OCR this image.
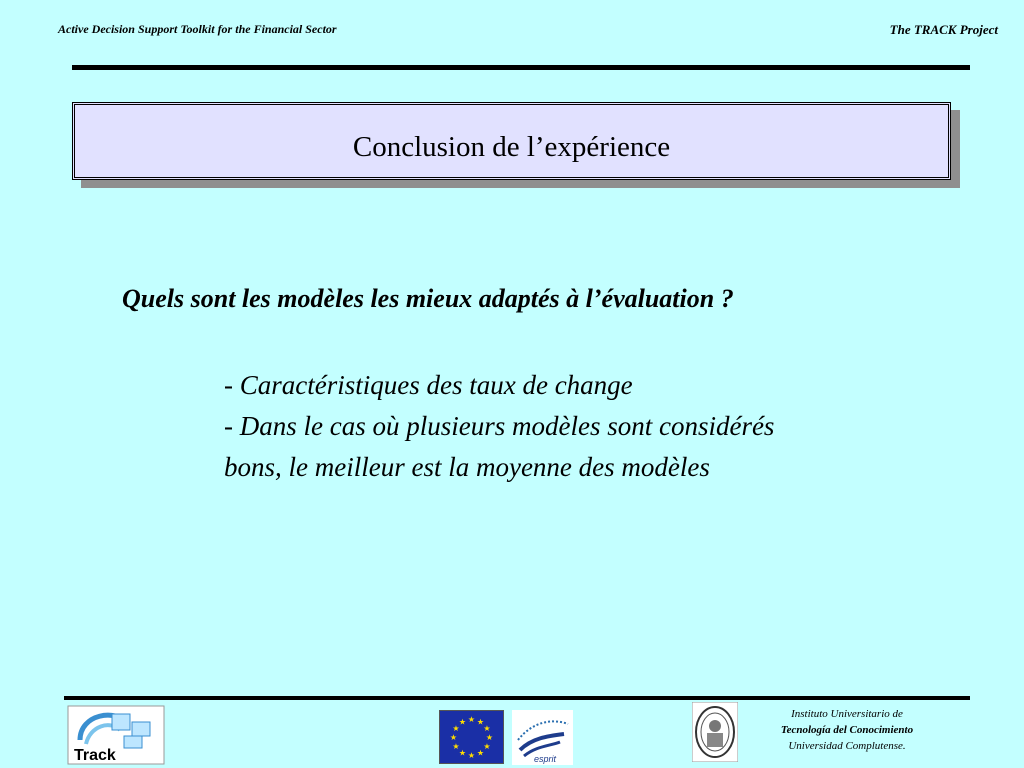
Active Decision Support Toolkit for the Financial Sector	The TRACK Project
Conclusion de l’expérience
Quels sont les modèles les mieux adaptés à l’évaluation ?
- Caractéristiques des taux de change
- Dans le cas où plusieurs modèles sont considérés
bons, le meilleur est la moyenne des modèles
Track
★ ★
★
★
★
★
★
★
★
★
★
★
esprit
Instituto Universitario de
Tecnología del Conocimiento
Universidad Complutense.
